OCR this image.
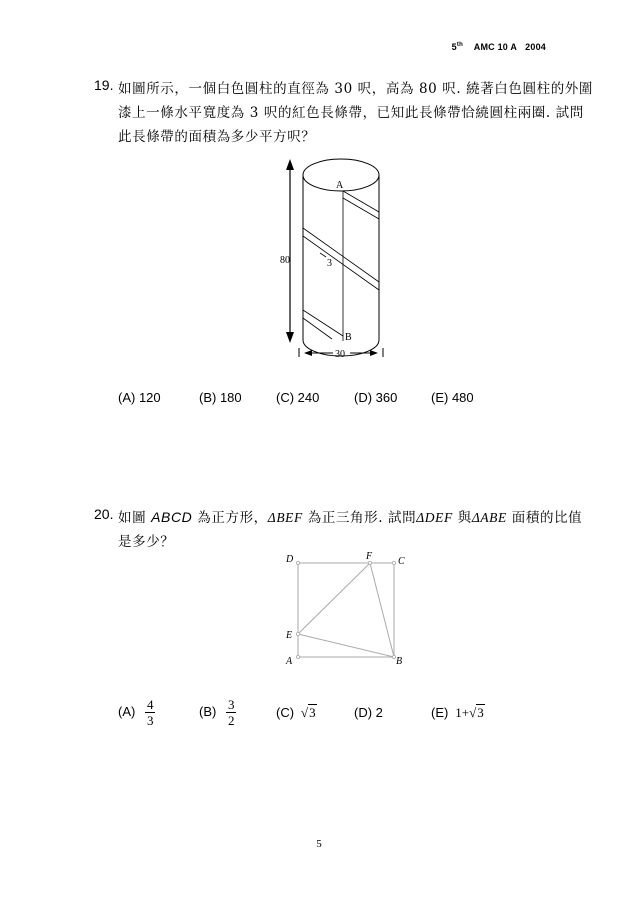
5th AMC 10 A 2004
19. 如圖所示，一個白色圓柱的直徑為 30 呎，高為 80 呎. 繞著白色圓柱的外圍
漆上一條水平寬度為 3 呎的紅色長條帶，已知此長條帶恰繞圓柱兩圈. 試問
此長條帶的面積為多少平方呎？
A
B
80	3
30
(A) 120	(B) 180	(C) 240	(D) 360	(E) 480
20. 如圖 ABCD 為正方形，ΔBEF 為正三角形. 試問ΔDEF 與ΔABE 面積的比值
是多少？
D	F	C
E
A	B
$(A) \frac{4}{3}$	$(B) \frac{3}{2}$	(C)  √3	(D) 2	(E) 1+√3
5
